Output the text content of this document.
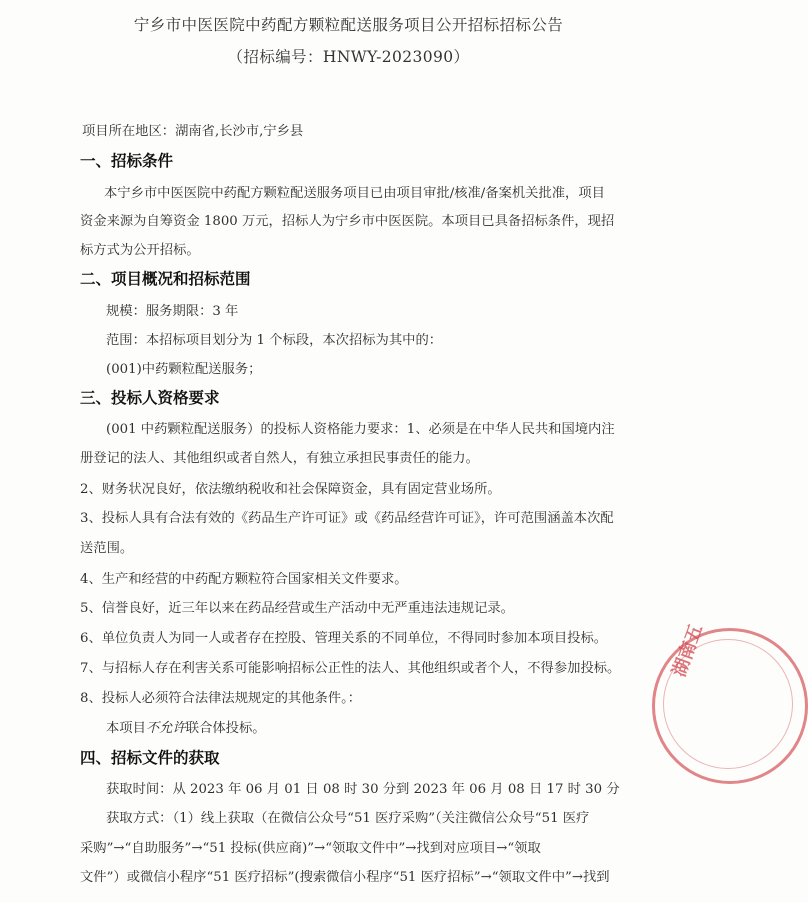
宁乡市中医医院中药配方颗粒配送服务项目公开招标招标公告
（招标编号：HNWY-2023090）
项目所在地区：湖南省,长沙市,宁乡县
一、招标条件
本宁乡市中医医院中药配方颗粒配送服务项目已由项目审批/核准/备案机关批准，项目
资金来源为自筹资金 1800 万元，招标人为宁乡市中医医院。本项目已具备招标条件，现招
标方式为公开招标。
二、项目概况和招标范围
规模：服务期限：3 年
范围：本招标项目划分为 1 个标段，本次招标为其中的：
(001)中药颗粒配送服务；
三、投标人资格要求
(001 中药颗粒配送服务）的投标人资格能力要求：1、必须是在中华人民共和国境内注
册登记的法人、其他组织或者自然人，有独立承担民事责任的能力。
2、财务状况良好，依法缴纳税收和社会保障资金，具有固定营业场所。
3、投标人具有合法有效的《药品生产许可证》或《药品经营许可证》，许可范围涵盖本次配
送范围。
4、生产和经营的中药配方颗粒符合国家相关文件要求。
5、信誉良好，近三年以来在药品经营或生产活动中无严重违法违规记录。
6、单位负责人为同一人或者存在控股、管理关系的不同单位，不得同时参加本项目投标。
7、与招标人存在利害关系可能影响招标公正性的法人、其他组织或者个人，不得参加投标。
8、投标人必须符合法律法规规定的其他条件。：
本项目不允许联合体投标。
四、招标文件的获取
获取时间：从 2023 年 06 月 01 日 08 时 30 分到 2023 年 06 月 08 日 17 时 30 分
获取方式：（1）线上获取（在微信公众号“51 医疗采购”（关注微信公众号“51 医疗
采购”→“自助服务”→“51 投标(供应商)”→“领取文件中”→找到对应项目→“领取
文件”）或微信小程序“51 医疗招标”(搜索微信小程序“51 医疗招标”→“领取文件中”→找到
湖南五
